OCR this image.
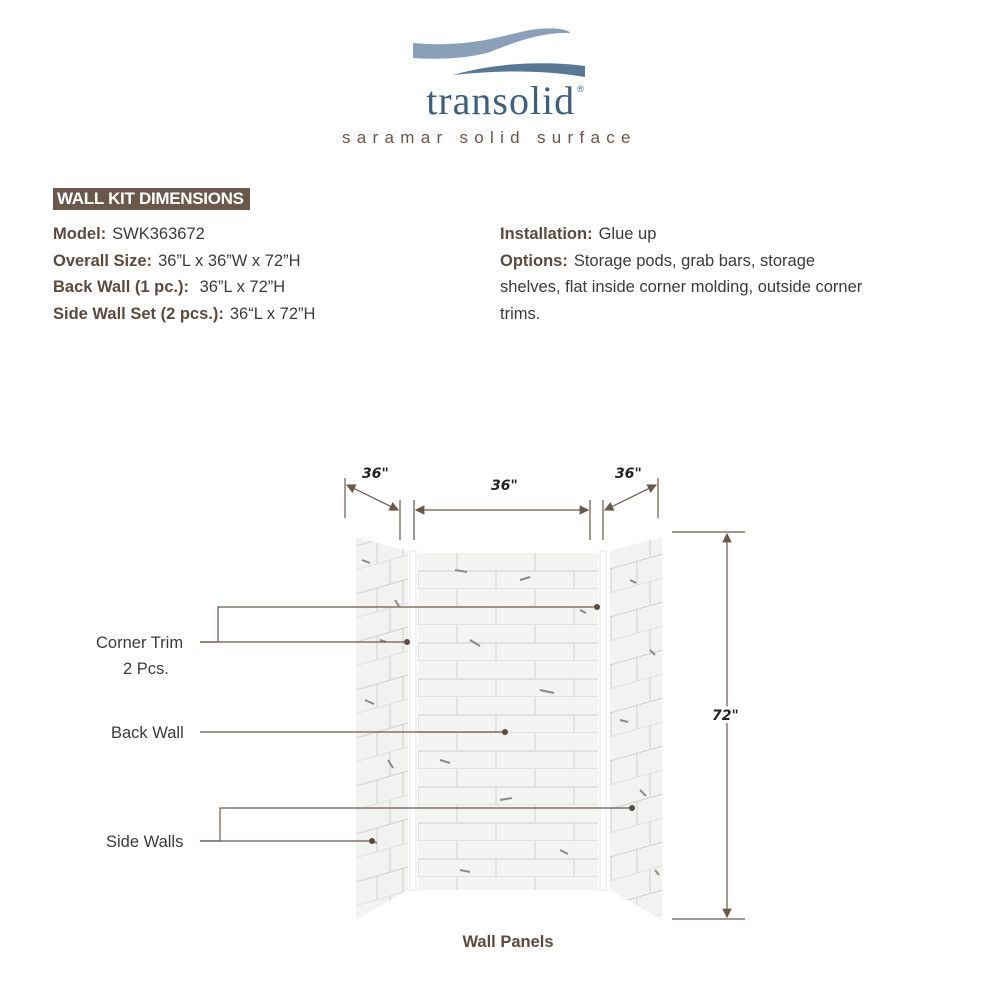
transolid ®
saramar solid surface
WALL KIT DIMENSIONS
Model: SWK363672
Overall Size: 36”L x 36”W x 72”H
Back Wall (1 pc.): 36”L x 72”H
Side Wall Set (2 pcs.): 36“L x 72”H
Installation: Glue up
Options: Storage pods, grab bars, storage shelves, flat inside corner molding, outside corner trims.
36"
36"
36"
72"
Corner Trim
2 Pcs.
Back Wall
Side Walls
Wall Panels
